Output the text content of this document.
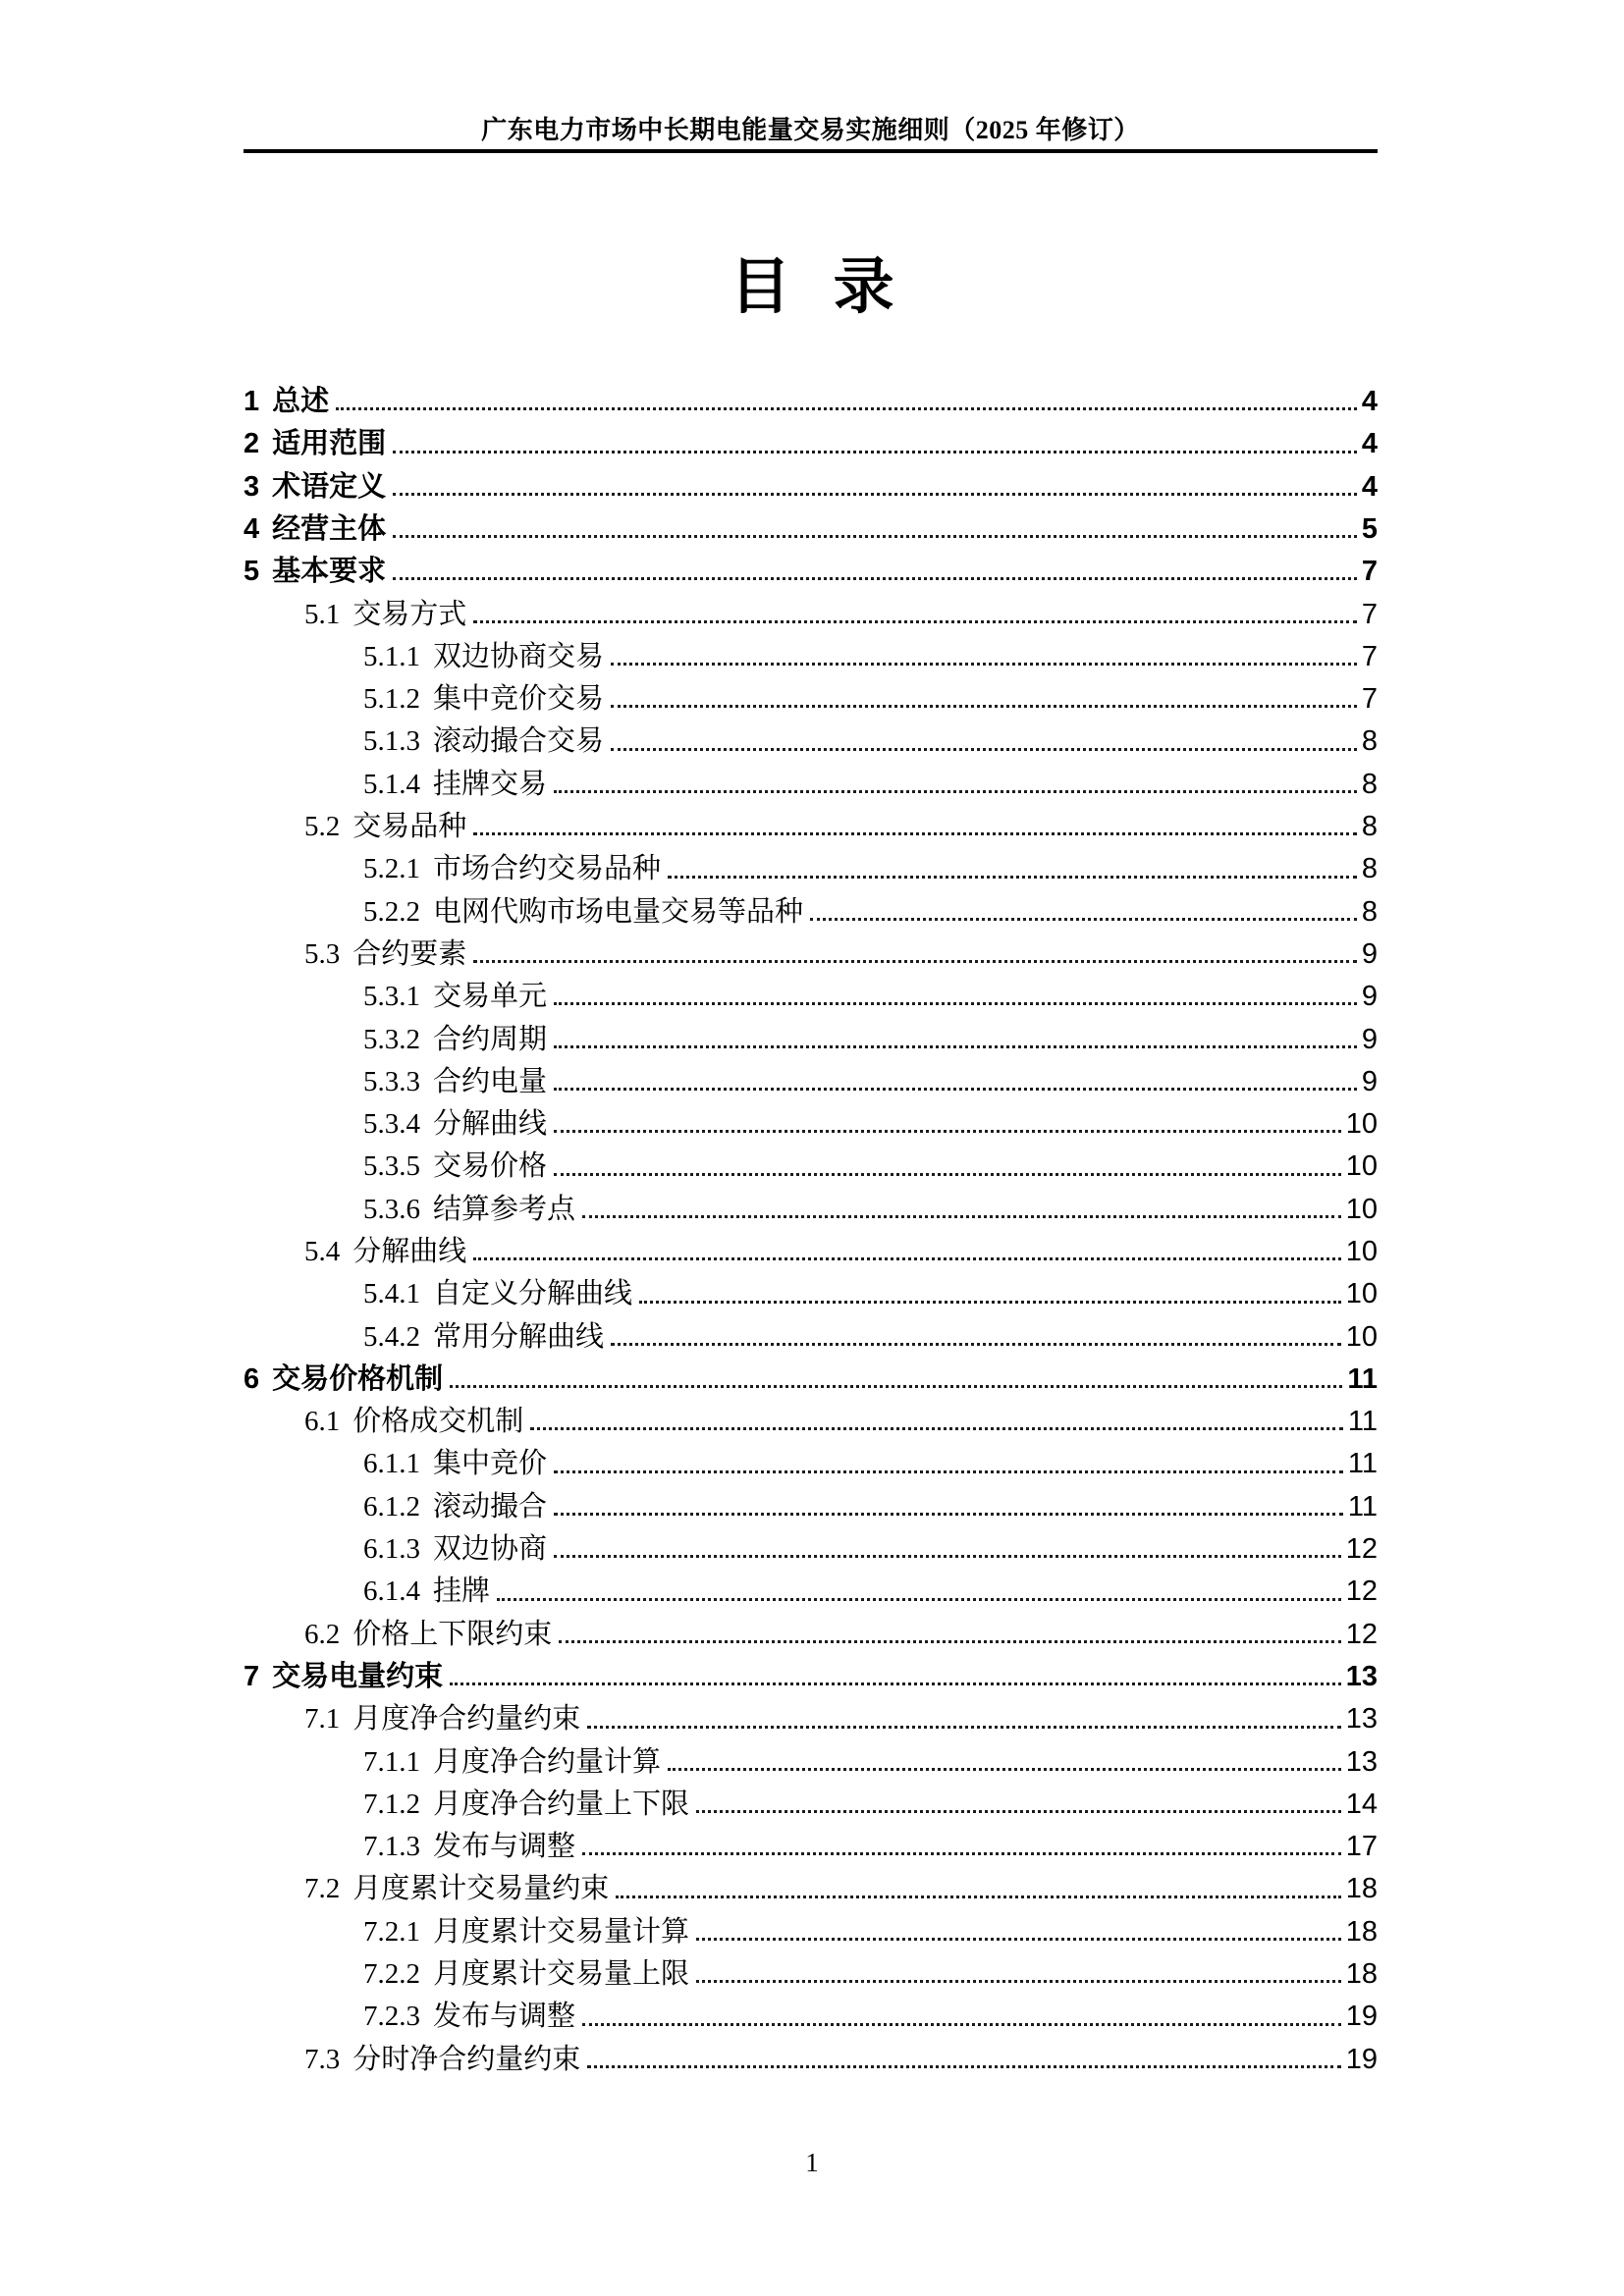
广东电力市场中长期电能量交易实施细则（2025 年修订）
目 录
1 总述	4
2 适用范围	4
3 术语定义	4
4 经营主体	5
5 基本要求	7
5.1 交易方式	7
5.1.1 双边协商交易	7
5.1.2 集中竞价交易	7
5.1.3 滚动撮合交易	8
5.1.4 挂牌交易	8
5.2 交易品种	8
5.2.1 市场合约交易品种	8
5.2.2 电网代购市场电量交易等品种	8
5.3 合约要素	9
5.3.1 交易单元	9
5.3.2 合约周期	9
5.3.3 合约电量	9
5.3.4 分解曲线	10
5.3.5 交易价格	10
5.3.6 结算参考点	10
5.4 分解曲线	10
5.4.1 自定义分解曲线	10
5.4.2 常用分解曲线	10
6 交易价格机制	11
6.1 价格成交机制	11
6.1.1 集中竞价	11
6.1.2 滚动撮合	11
6.1.3 双边协商	12
6.1.4 挂牌	12
6.2 价格上下限约束	12
7 交易电量约束	13
7.1 月度净合约量约束	13
7.1.1 月度净合约量计算	13
7.1.2 月度净合约量上下限	14
7.1.3 发布与调整	17
7.2 月度累计交易量约束	18
7.2.1 月度累计交易量计算	18
7.2.2 月度累计交易量上限	18
7.2.3 发布与调整	19
7.3 分时净合约量约束	19
1
